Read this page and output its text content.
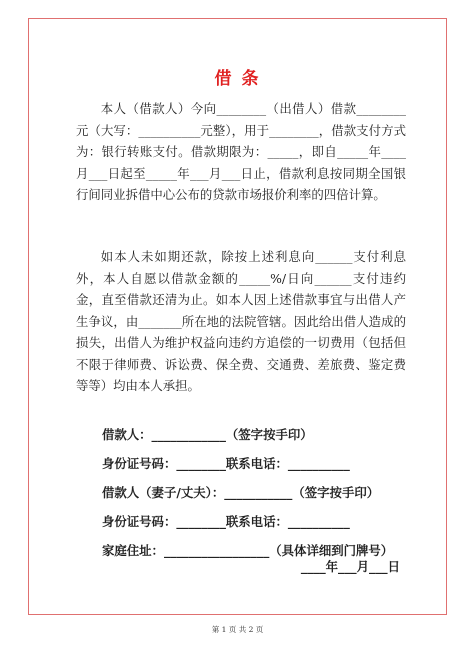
借 条

本人（借款人）今向________（出借人）借款________元（大写：__________元整），用于________，借款支付方式为：银行转账支付。借款期限为：_____，即自_____年____月___日起至_____年___月___日止，借款利息按同期全国银行间同业拆借中心公布的贷款市场报价利率的四倍计算。

如本人未如期还款，除按上述利息向______支付利息外，本人自愿以借款金额的_____%/日向______支付违约金，直至借款还清为止。如本人因上述借款事宜与出借人产生争议，由_______所在地的法院管辖。因此给出借人造成的损失，出借人为维护权益向违约方追偿的一切费用（包括但不限于律师费、诉讼费、保全费、交通费、差旅费、鉴定费等等）均由本人承担。

借款人：____________（签字按手印）
身份证号码：________联系电话：__________
借款人（妻子/丈夫）：___________（签字按手印）
身份证号码：________联系电话：__________
家庭住址：_________________（具体详细到门牌号）
____年___月___日
第 1 页 共 2 页
